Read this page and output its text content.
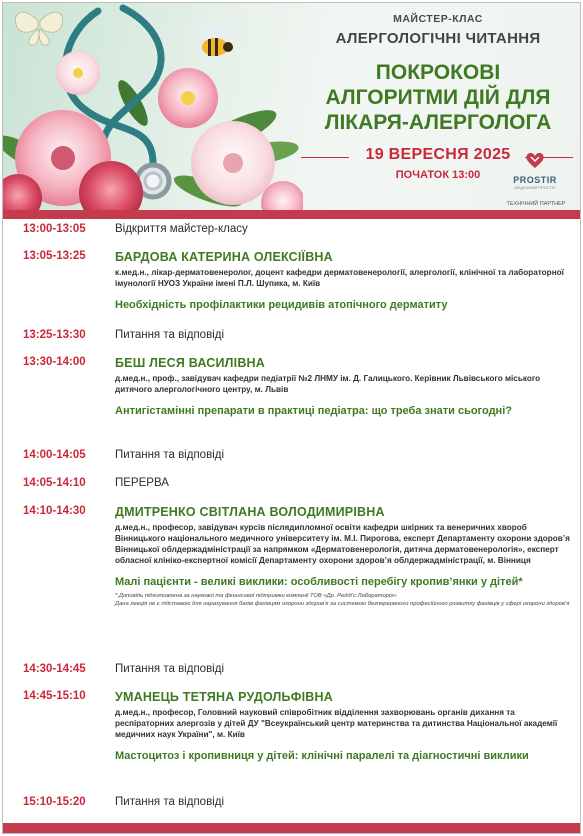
МАЙСТЕР-КЛАС
АЛЕРГОЛОГІЧНІ ЧИТАННЯ
ПОКРОКОВІ
АЛГОРИТМИ ДІЙ ДЛЯ
ЛІКАРЯ-АЛЕРГОЛОГА
19 ВЕРЕСНЯ 2025
ПОЧАТОК 13:00	PROSTIR
МЕДИЧНИЙ ПРОСТІР
ТЕХНІЧНИЙ ПАРТНЕР
13:00-13:05	Відкриття майстер-класу
13:05-13:25	БАРДОВА КАТЕРИНА ОЛЕКСІЇВНА
к.мед.н., лікар-дерматовенеролог, доцент кафедри дерматовенерології, алергології, клінічної та лабораторної імунології НУОЗ України імені П.Л. Шупика, м. Київ
Необхідність профілактики рецидивів атопічного дерматиту
13:25-13:30	Питання та відповіді
13:30-14:00	БЕШ ЛЕСЯ ВАСИЛІВНА
д.мед.н., проф., завідувач кафедри педіатрії №2 ЛНМУ ім. Д. Галицького. Керівник Львівського міського дитячого алергологічного центру, м. Львів
Антигістамінні препарати в практиці педіатра: що треба знати сьогодні?
14:00-14:05	Питання та відповіді
14:05-14:10	ПЕРЕРВА
14:10-14:30	ДМИТРЕНКО СВІТЛАНА ВОЛОДИМИРІВНА
д.мед.н., професор, завідувач курсів післядипломної освіти кафедри шкірних та венеричних хвороб Вінницького національного медичного університету ім. М.І. Пирогова, експерт Департаменту охорони здоров’я Вінницької облдержадміністрації за напрямком «Дерматовенерологія, дитяча дерматовенерологія», експерт обласної клініко-експертної комісії Департаменту охорони здоров’я облдержадміністрації, м. Вінниця
Малі пацієнти - великі виклики: особливості перебігу кропив’янки у дітей*
* Доповідь підготовлена за наукової та фінансової підтримки компанії ТОВ «Др. Редді’с Лабораторіз».
Дана лекція не є підставою для нарахування балів фахівцям охорони здоров’я за системою безперервного професійного розвитку фахівців у сфері охорони здоров’я
14:30-14:45	Питання та відповіді
14:45-15:10	УМАНЕЦЬ ТЕТЯНА РУДОЛЬФІВНА
д.мед.н., професор, Головний науковий співробітник відділення захворювань органів дихання та респіраторних алергозів у дітей ДУ "Всеукраїнський центр материнства та дитинства Національної академії медичних наук України", м. Київ
Мастоцитоз і кропивниця у дітей: клінічні паралелі та діагностичні виклики
15:10-15:20	Питання та відповіді
